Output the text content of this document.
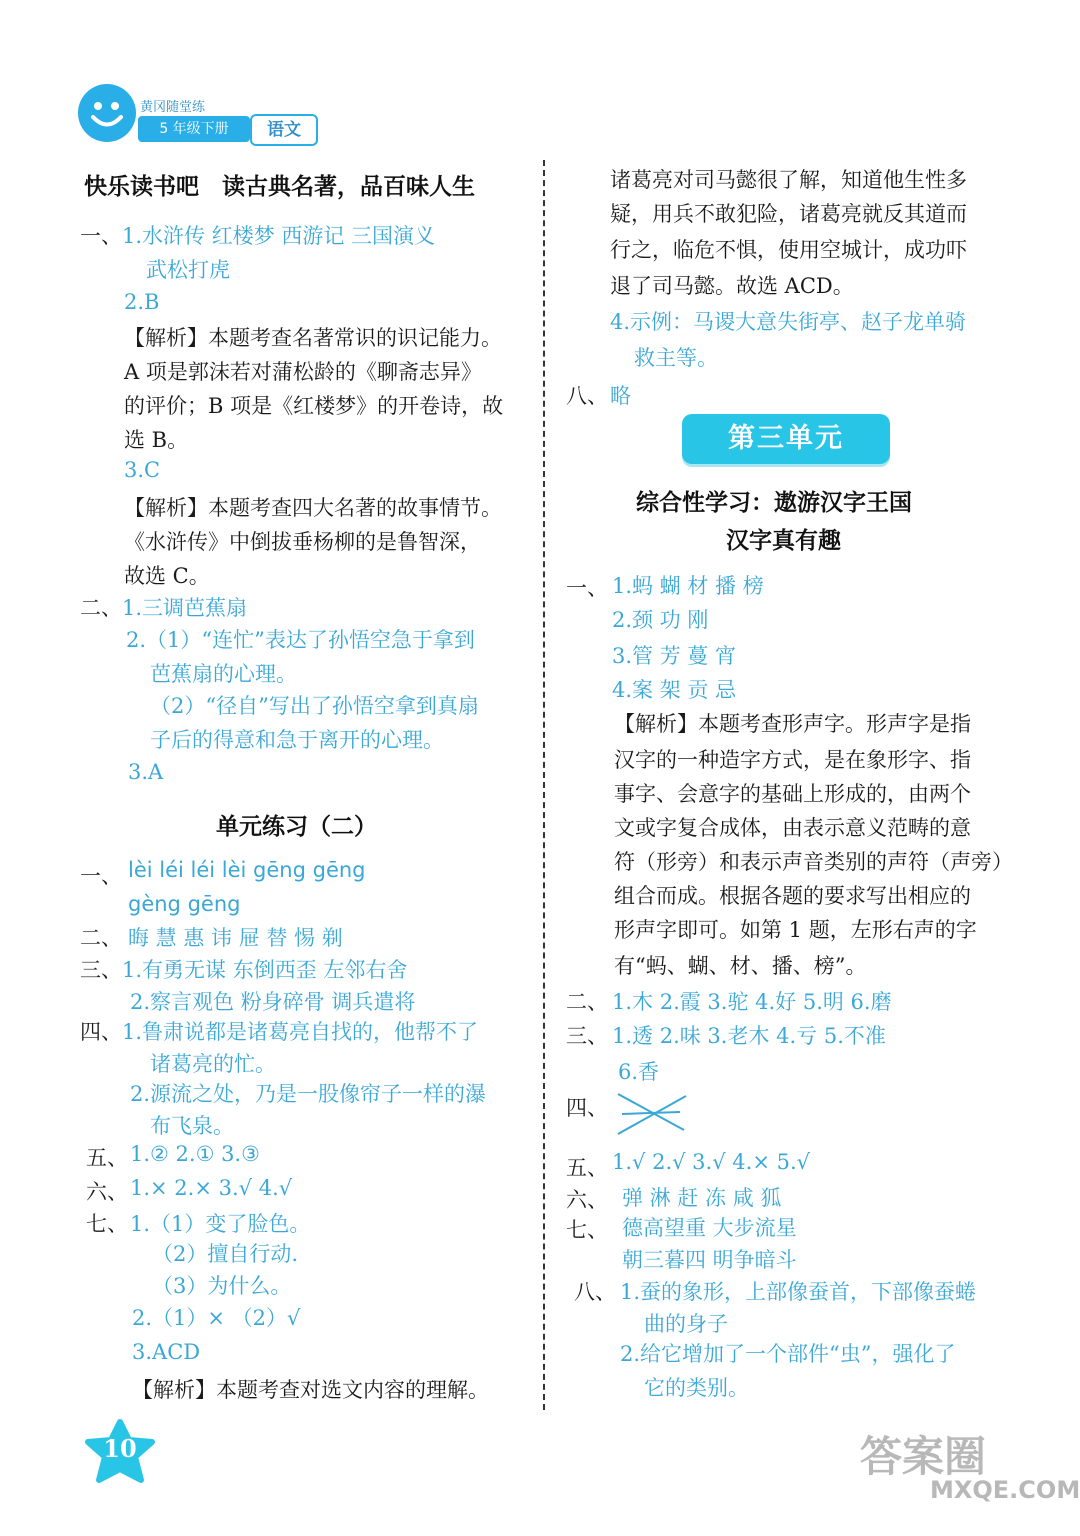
黄冈随堂练
5 年级下册	语文
快乐读书吧　读古典名著，品百味人生
一、 1.水浒传 红楼梦 西游记 三国演义
武松打虎
2.B
【解析】本题考查名著常识的识记能力。
A 项是郭沫若对蒲松龄的《聊斋志异》
的评价；B 项是《红楼梦》的开卷诗，故
选 B。
3.C
【解析】本题考查四大名著的故事情节。
《水浒传》中倒拔垂杨柳的是鲁智深，
故选 C。
二、 1.三调芭蕉扇
2.（1）“连忙”表达了孙悟空急于拿到
芭蕉扇的心理。
（2）“径自”写出了孙悟空拿到真扇
子后的得意和急于离开的心理。
3.A
单元练习（二）
一、 lèi léi léi lèi gēng gēng
gèng gēng
二、 晦 慧 惠 讳 屉 替 惕 剃
三、 1.有勇无谋 东倒西歪 左邻右舍
2.察言观色 粉身碎骨 调兵遣将
四、 1.鲁肃说都是诸葛亮自找的，他帮不了
诸葛亮的忙。
2.源流之处，乃是一股像帘子一样的瀑
布飞泉。
五、 1.② 2.① 3.③
六、 1.× 2.× 3.√ 4.√
七、 1.（1）变了脸色。
（2）擅自行动.
（3）为什么。
2.（1）× （2）√
3.ACD
【解析】本题考查对选文内容的理解。
诸葛亮对司马懿很了解，知道他生性多
疑，用兵不敢犯险，诸葛亮就反其道而
行之，临危不惧，使用空城计，成功吓
退了司马懿。故选 ACD。
4.示例：马谡大意失街亭、赵子龙单骑
救主等。
八、 略
第三单元
综合性学习：遨游汉字王国
汉字真有趣
一、 1.蚂 蝴 材 播 榜
2.颈 功 刚
3.管 芳 蔓 宵
4.案 架 贡 忌
【解析】本题考查形声字。形声字是指
汉字的一种造字方式，是在象形字、指
事字、会意字的基础上形成的，由两个
文或字复合成体，由表示意义范畴的意
符（形旁）和表示声音类别的声符（声旁）
组合而成。根据各题的要求写出相应的
形声字即可。如第 1 题，左形右声的字
有“蚂、蝴、材、播、榜”。
二、 1.木 2.霞 3.驼 4.好 5.明 6.磨
三、 1.透 2.味 3.老木 4.亏 5.不准
6.香
四、
五、 1.√ 2.√ 3.√ 4.× 5.√
六、 弹 淋 赶 冻 咸 狐
七、 德高望重 大步流星
朝三暮四 明争暗斗
八、 1.蚕的象形，上部像蚕首，下部像蚕蜷
曲的身子
2.给它增加了一个部件“虫”，强化了
它的类别。
10	答案圈
MXQE.COM
